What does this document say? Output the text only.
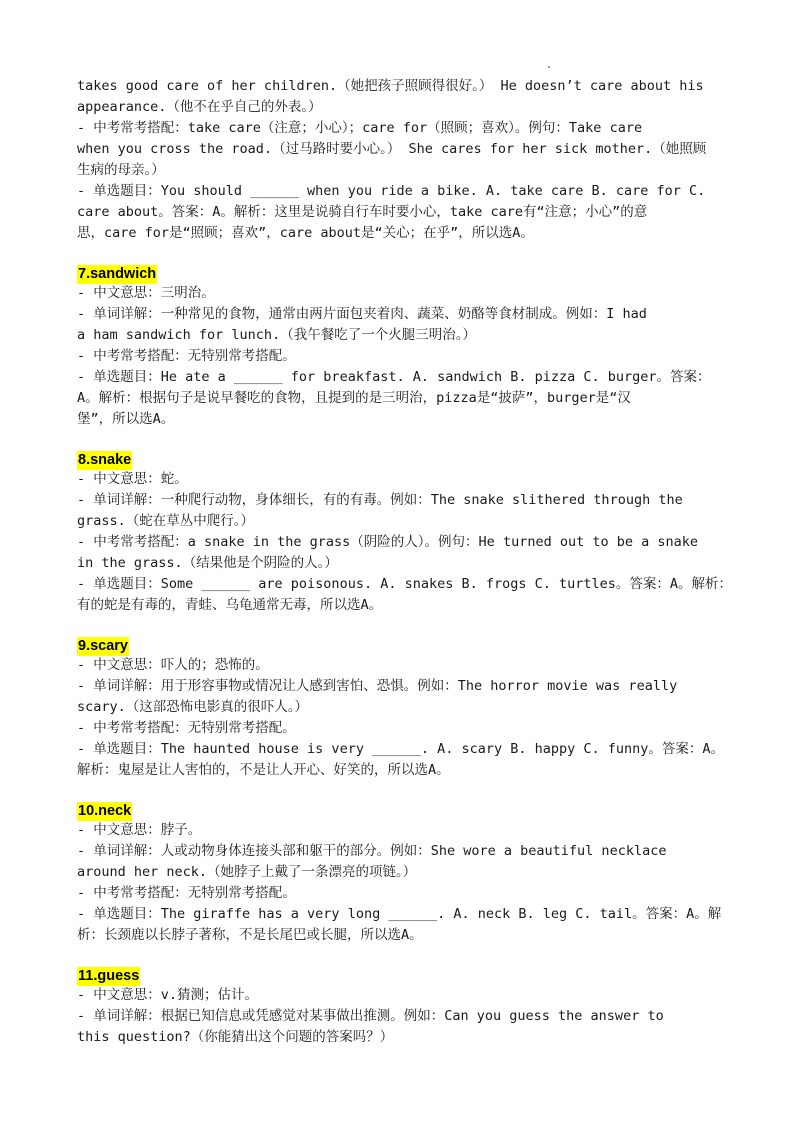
takes good care of her children.（她把孩子照顾得很好。） He doesn’t care about his
appearance.（他不在乎自己的外表。）
- 中考常考搭配：take care（注意；小心）；care for（照顾；喜欢）。例句：Take care
when you cross the road.（过马路时要小心。） She cares for her sick mother.（她照顾
生病的母亲。）
- 单选题目：You should ______ when you ride a bike. A. take care B. care for C.
care about。答案：A。解析：这里是说骑自行车时要小心，take care有“注意；小心”的意
思，care for是“照顾；喜欢”，care about是“关心；在乎”，所以选A。
7.sandwich
- 中文意思：三明治。
- 单词详解：一种常见的食物，通常由两片面包夹着肉、蔬菜、奶酪等食材制成。例如：I had
a ham sandwich for lunch.（我午餐吃了一个火腿三明治。）
- 中考常考搭配：无特别常考搭配。
- 单选题目：He ate a ______ for breakfast. A. sandwich B. pizza C. burger。答案：
A。解析：根据句子是说早餐吃的食物，且提到的是三明治，pizza是“披萨”，burger是“汉
堡”，所以选A。
8.snake
- 中文意思：蛇。
- 单词详解：一种爬行动物，身体细长，有的有毒。例如：The snake slithered through the
grass.（蛇在草丛中爬行。）
- 中考常考搭配：a snake in the grass（阴险的人）。例句：He turned out to be a snake
in the grass.（结果他是个阴险的人。）
- 单选题目：Some ______ are poisonous. A. snakes B. frogs C. turtles。答案：A。解析：
有的蛇是有毒的，青蛙、乌龟通常无毒，所以选A。
9.scary
- 中文意思：吓人的；恐怖的。
- 单词详解：用于形容事物或情况让人感到害怕、恐惧。例如：The horror movie was really
scary.（这部恐怖电影真的很吓人。）
- 中考常考搭配：无特别常考搭配。
- 单选题目：The haunted house is very ______. A. scary B. happy C. funny。答案：A。
解析：鬼屋是让人害怕的，不是让人开心、好笑的，所以选A。
10.neck
- 中文意思：脖子。
- 单词详解：人或动物身体连接头部和躯干的部分。例如：She wore a beautiful necklace
around her neck.（她脖子上戴了一条漂亮的项链。）
- 中考常考搭配：无特别常考搭配。
- 单选题目：The giraffe has a very long ______. A. neck B. leg C. tail。答案：A。解
析：长颈鹿以长脖子著称，不是长尾巴或长腿，所以选A。
11.guess
- 中文意思：v.猜测；估计。
- 单词详解：根据已知信息或凭感觉对某事做出推测。例如：Can you guess the answer to
this question?（你能猜出这个问题的答案吗？）
